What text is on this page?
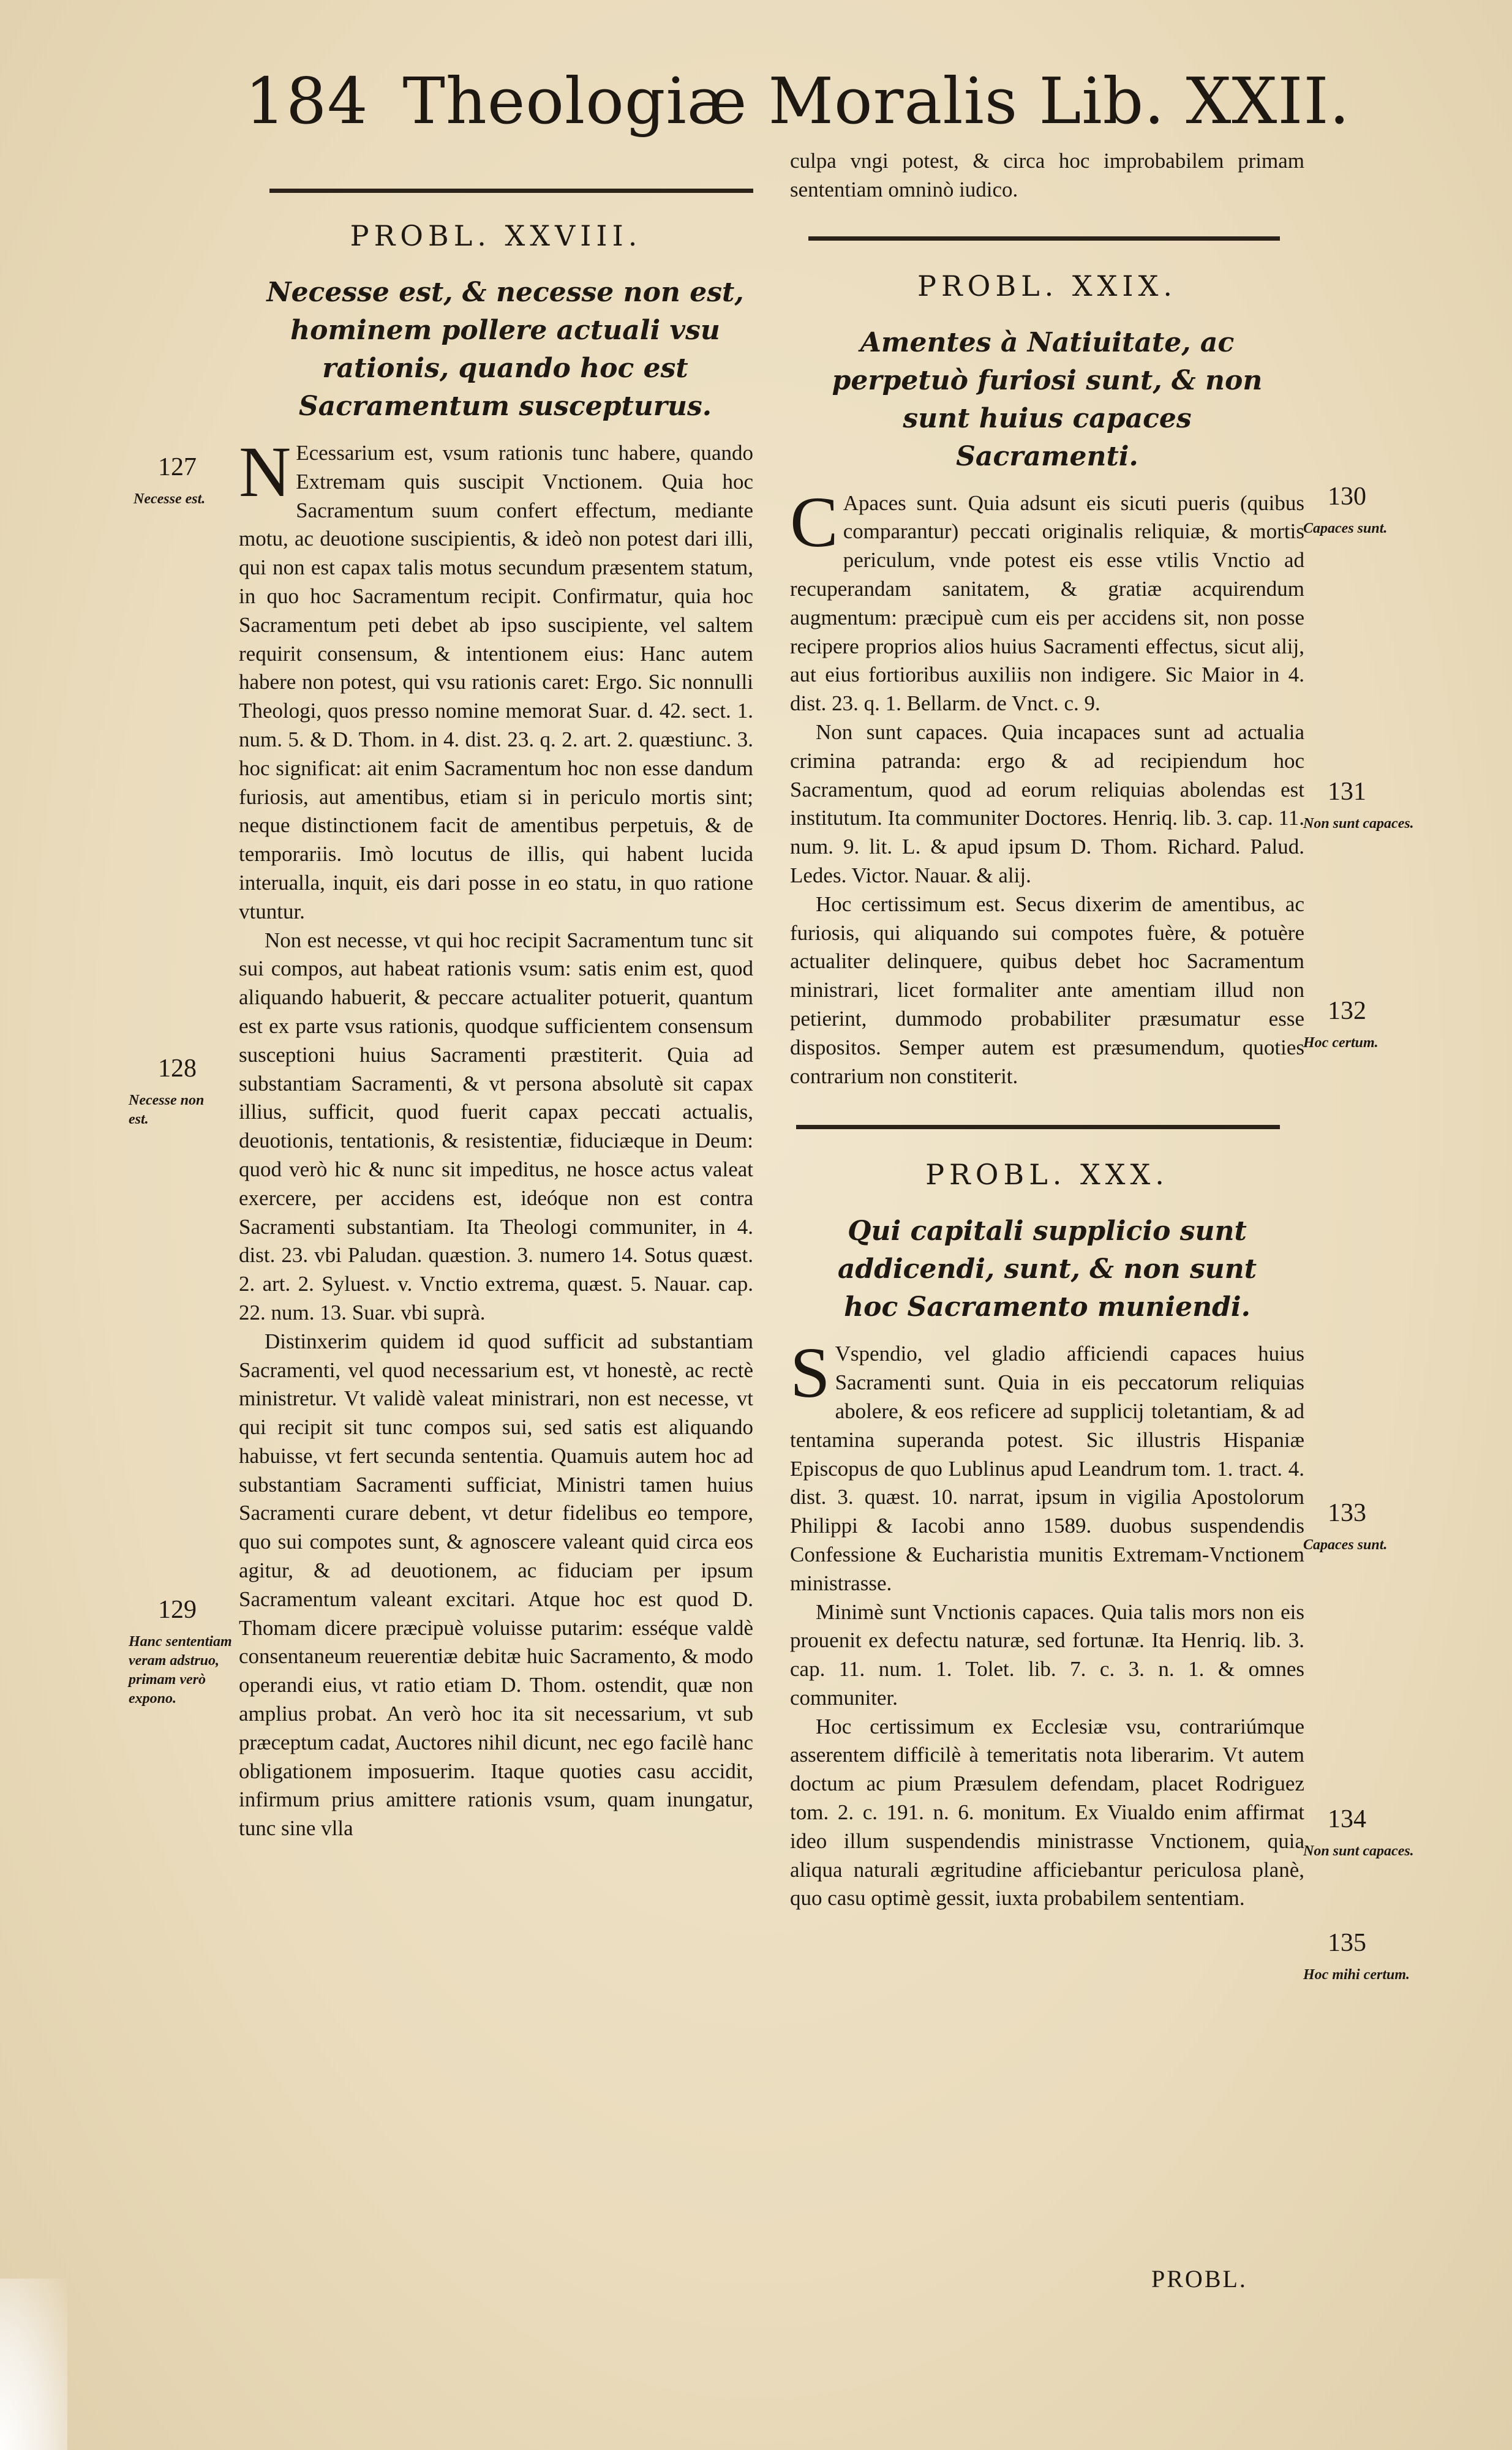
184 Theologiæ Moralis Lib. XXII.
PROBL. XXVIII.
Necesse est, & necesse non est, hominem pollere actuali vsu rationis, quando hoc est Sacramentum suscepturus.

N Ecessarium est, vsum rationis tunc habere, quando Extremam quis suscipit Vnctionem. Quia hoc Sacramentum suum confert effectum, mediante motu, ac deuotione suscipientis, & ideò non potest dari illi, qui non est capax talis motus secundum præsentem statum, in quo hoc Sacramentum recipit. Confirmatur, quia hoc Sacramentum peti debet ab ipso suscipiente, vel saltem requirit consensum, & intentionem eius: Hanc autem habere non potest, qui vsu rationis caret: Ergo. Sic nonnulli Theologi, quos presso nomine memorat Suar. d. 42. sect. 1. num. 5. & D. Thom. in 4. dist. 23. q. 2. art. 2. quæstiunc. 3. hoc significat: ait enim Sacramentum hoc non esse dandum furiosis, aut amentibus, etiam si in periculo mortis sint; neque distinctionem facit de amentibus perpetuis, & de temporariis. Imò locutus de illis, qui habent lucida interualla, inquit, eis dari posse in eo statu, in quo ratione vtuntur.

Non est necesse, vt qui hoc recipit Sacramentum tunc sit sui compos, aut habeat rationis vsum: satis enim est, quod aliquando habuerit, & peccare actualiter potuerit, quantum est ex parte vsus rationis, quodque sufficientem consensum susceptioni huius Sacramenti præstiterit. Quia ad substantiam Sacramenti, & vt persona absolutè sit capax illius, sufficit, quod fuerit capax peccati actualis, deuotionis, tentationis, & resistentiæ, fiduciæque in Deum: quod verò hic & nunc sit impeditus, ne hosce actus valeat exercere, per accidens est, ideóque non est contra Sacramenti substantiam. Ita Theologi communiter, in 4. dist. 23. vbi Paludan. quæstion. 3. numero 14. Sotus quæst. 2. art. 2. Syluest. v. Vnctio extrema, quæst. 5. Nauar. cap. 22. num. 13. Suar. vbi suprà.

Distinxerim quidem id quod sufficit ad substantiam Sacramenti, vel quod necessarium est, vt honestè, ac rectè ministretur. Vt validè valeat ministrari, non est necesse, vt qui recipit sit tunc compos sui, sed satis est aliquando habuisse, vt fert secunda sententia. Quamuis autem hoc ad substantiam Sacramenti sufficiat, Ministri tamen huius Sacramenti curare debent, vt detur fidelibus eo tempore, quo sui compotes sunt, & agnoscere valeant quid circa eos agitur, & ad deuotionem, ac fiduciam per ipsum Sacramentum valeant excitari. Atque hoc est quod D. Thomam dicere præcipuè voluisse putarim: esséque valdè consentaneum reuerentiæ debitæ huic Sacramento, & modo operandi eius, vt ratio etiam D. Thom. ostendit, quæ non amplius probat. An verò hoc ita sit necessarium, vt sub præceptum cadat, Auctores nihil dicunt, nec ego facilè hanc obligationem imposuerim. Itaque quoties casu accidit, infirmum prius amittere rationis vsum, quam inungatur, tunc sine vlla

127
Necesse est.
128
Necesse non est.
129
Hanc sententiam veram adstruo, primam verò expono.

culpa vngi potest, & circa hoc improbabilem primam sententiam omninò iudico.

PROBL. XXIX.
Amentes à Natiuitate, ac perpetuò furiosi sunt, & non sunt huius capaces Sacramenti.

C Apaces sunt. Quia adsunt eis sicuti pueris (quibus comparantur) peccati originalis reliquiæ, & mortis periculum, vnde potest eis esse vtilis Vnctio ad recuperandam sanitatem, & gratiæ acquirendum augmentum: præcipuè cum eis per accidens sit, non posse recipere proprios alios huius Sacramenti effectus, sicut alij, aut eius fortioribus auxiliis non indigere. Sic Maior in 4. dist. 23. q. 1. Bellarm. de Vnct. c. 9.

Non sunt capaces. Quia incapaces sunt ad actualia crimina patranda: ergo & ad recipiendum hoc Sacramentum, quod ad eorum reliquias abolendas est institutum. Ita communiter Doctores. Henriq. lib. 3. cap. 11. num. 9. lit. L. & apud ipsum D. Thom. Richard. Palud. Ledes. Victor. Nauar. & alij.

Hoc certissimum est. Secus dixerim de amentibus, ac furiosis, qui aliquando sui compotes fuère, & potuère actualiter delinquere, quibus debet hoc Sacramentum ministrari, licet formaliter ante amentiam illud non petierint, dummodo probabiliter præsumatur esse dispositos. Semper autem est præsumendum, quoties contrarium non constiterit.

PROBL. XXX.
Qui capitali supplicio sunt addicendi, sunt, & non sunt hoc Sacramento muniendi.

S Vspendio, vel gladio afficiendi capaces huius Sacramenti sunt. Quia in eis peccatorum reliquias abolere, & eos reficere ad supplicij toletantiam, & ad tentamina superanda potest. Sic illustris Hispaniæ Episcopus de quo Lublinus apud Leandrum tom. 1. tract. 4. dist. 3. quæst. 10. narrat, ipsum in vigilia Apostolorum Philippi & Iacobi anno 1589. duobus suspendendis Confessione & Eucharistia munitis Extremam-Vnctionem ministrasse.

Minimè sunt Vnctionis capaces. Quia talis mors non eis prouenit ex defectu naturæ, sed fortunæ. Ita Henriq. lib. 3. cap. 11. num. 1. Tolet. lib. 7. c. 3. n. 1. & omnes communiter.

Hoc certissimum ex Ecclesiæ vsu, contrariúmque asserentem difficilè à temeritatis nota liberarim. Vt autem doctum ac pium Præsulem defendam, placet Rodriguez tom. 2. c. 191. n. 6. monitum. Ex Viualdo enim affirmat ideo illum suspendendis ministrasse Vnctionem, quia aliqua naturali ægritudine afficiebantur periculosa planè, quo casu optimè gessit, iuxta probabilem sententiam.

130
Capaces sunt.
131
Non sunt capaces.
132
Hoc certum.
133
Capaces sunt.
134
Non sunt capaces.
135
Hoc mihi certum.
PROBL.
